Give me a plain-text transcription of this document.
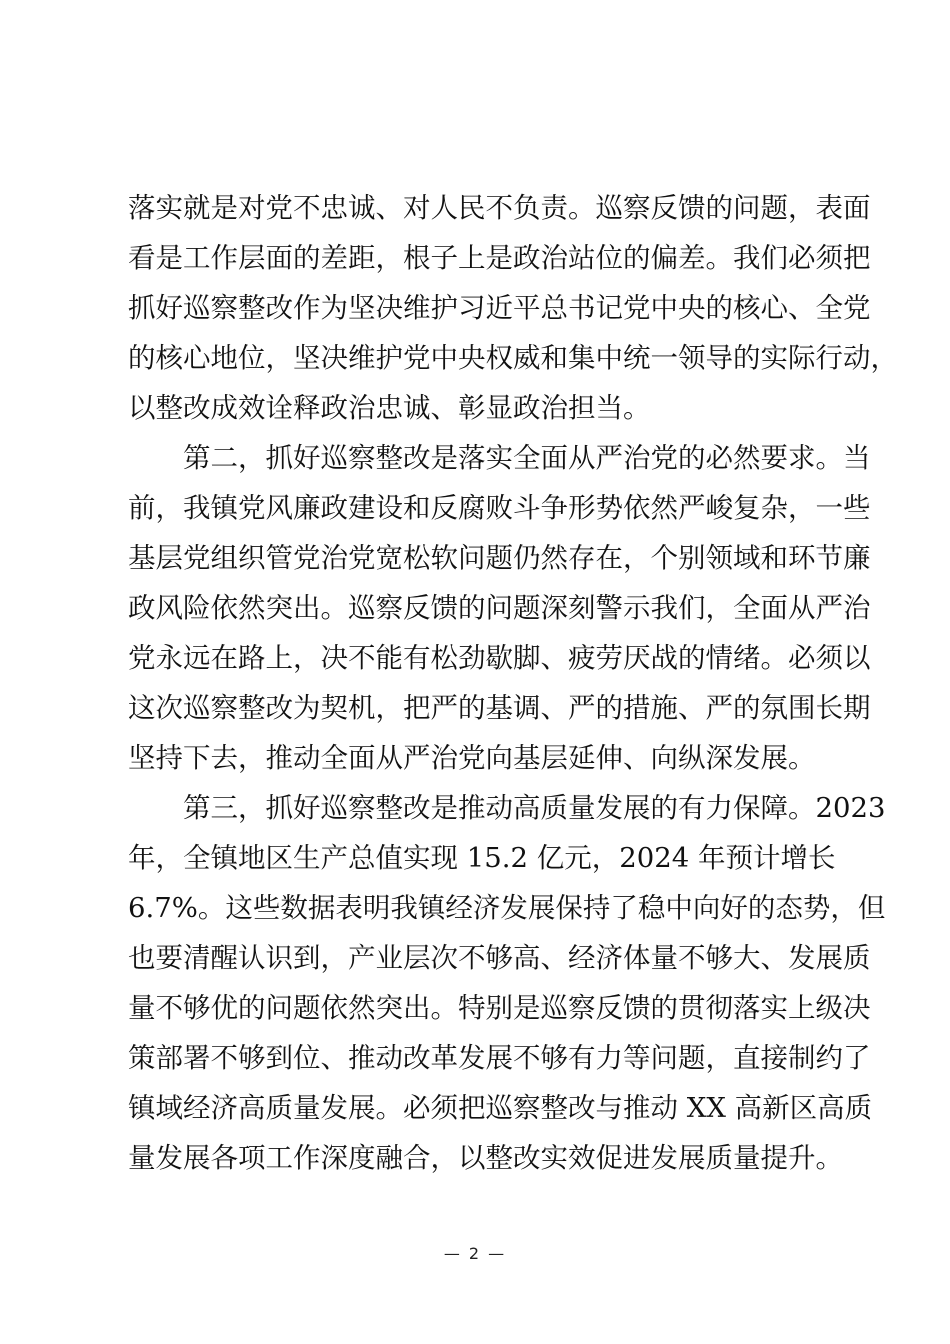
落实就是对党不忠诚、对人民不负责。巡察反馈的问题，表面
看是工作层面的差距，根子上是政治站位的偏差。我们必须把
抓好巡察整改作为坚决维护习近平总书记党中央的核心、全党
的核心地位，坚决维护党中央权威和集中统一领导的实际行动，
以整改成效诠释政治忠诚、彰显政治担当。
第二，抓好巡察整改是落实全面从严治党的必然要求。当
前，我镇党风廉政建设和反腐败斗争形势依然严峻复杂，一些
基层党组织管党治党宽松软问题仍然存在，个别领域和环节廉
政风险依然突出。巡察反馈的问题深刻警示我们，全面从严治
党永远在路上，决不能有松劲歇脚、疲劳厌战的情绪。必须以
这次巡察整改为契机，把严的基调、严的措施、严的氛围长期
坚持下去，推动全面从严治党向基层延伸、向纵深发展。
第三，抓好巡察整改是推动高质量发展的有力保障。2023
年，全镇地区生产总值实现 15.2 亿元，2024 年预计增长
6.7%。这些数据表明我镇经济发展保持了稳中向好的态势，但
也要清醒认识到，产业层次不够高、经济体量不够大、发展质
量不够优的问题依然突出。特别是巡察反馈的贯彻落实上级决
策部署不够到位、推动改革发展不够有力等问题，直接制约了
镇域经济高质量发展。必须把巡察整改与推动 XX 高新区高质
量发展各项工作深度融合，以整改实效促进发展质量提升。
— 2 —
